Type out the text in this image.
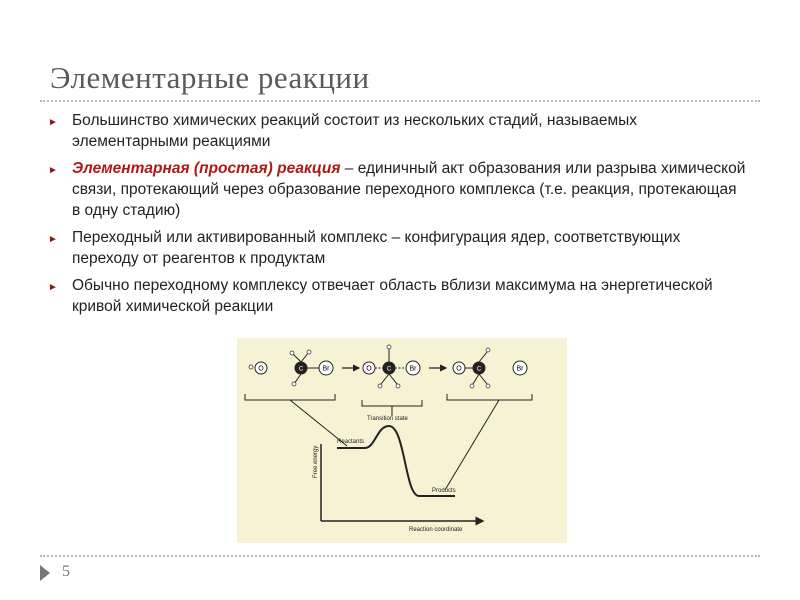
Элементарные реакции
► Большинство химических реакций состоит из нескольких стадий, называемых элементарными реакциями
► Элементарная (простая) реакция – единичный акт образования или разрыва химической связи, протекающий через образование переходного комплекса (т.е. реакция, протекающая в одну стадию)
► Переходный или активированный комплекс – конфигурация ядер, соответствующих переходу от реагентов к продуктам
► Обычно переходному комплексу отвечает область вблизи максимума на энергетической кривой химической реакции
O	C	Br	O	C	Br	O	C	Br
Transition state
Reactants
Products
Reaction coordinate
Free energy
5
